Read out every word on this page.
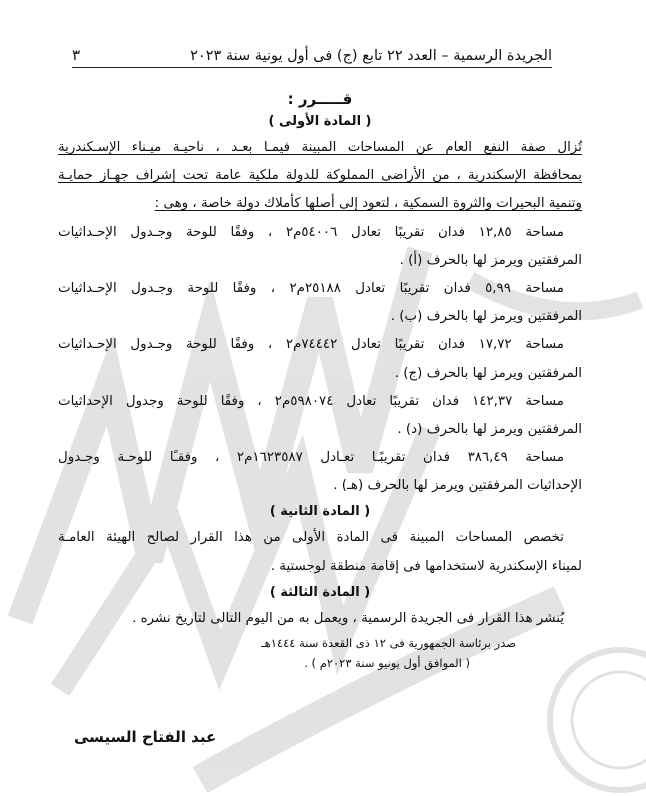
الجريدة الرسمية – العدد ٢٢ تابع (ج) فى أول يونية سنة ٢٠٢٣
٣
قـــــرر :
( المادة الأولى )
تُزال صفة النفع العام عن المساحات المبينة فيمـا بعـد ، ناحيـة ميـناء الإسـكندرية
بمحافظة الإسكندرية ، من الأراضى المملوكة للدولة ملكية عامة تحت إشراف جهـاز حمايـة
وتنمية البحيرات والثروة السمكية ، لتعود إلى أصلها كأملاك دولة خاصة ، وهى :
مساحة ١٢,٨٥ فدان تقريبًا تعادل ٥٤٠٠٦م٢ ، وفقًا للوحة وجـدول الإحـداثيات
المرفقتين ويرمز لها بالحرف (أ) .
مساحة ٥,٩٩ فدان تقريبًا تعادل ٢٥١٨٨م٢ ، وفقًا للوحة وجـدول الإحـداثيات
المرفقتين ويرمز لها بالحرف (ب) .
مساحة ١٧,٧٢ فدان تقريبًا تعادل ٧٤٤٤٢م٢ ، وفقًا للوحة وجـدول الإحـداثيات
المرفقتين ويرمز لها بالحرف (ج) .
مساحة ١٤٢,٣٧ فدان تقريبًا تعادل ٥٩٨٠٧٤م٢ ، وفقًا للوحة وجدول الإحداثيات
المرفقتين ويرمز لها بالحرف (د) .
مساحة ٣٨٦,٤٩ فدان تقريبًـا تعـادل ١٦٢٣٥٨٧م٢ ، وفقـًا للوحـة وجـدول
الإحداثيات المرفقتين ويرمز لها بالحرف (هـ) .
( المادة الثانية )
تخصص المساحات المبينة فى المادة الأولى من هذا القرار لصالح الهيئة العامـة
لميناء الإسكندرية لاستخدامها فى إقامة منطقة لوجستية .
( المادة الثالثة )
يُنشر هذا القرار فى الجريدة الرسمية ، ويعمل به من اليوم التالى لتاريخ نشره .
صدر برئاسة الجمهورية فى ١٢ ذى القعدة سنة ١٤٤٤هـ
( الموافق أول يونيو سنة ٢٠٢٣م ) .
عبد الفتاح السيسى
